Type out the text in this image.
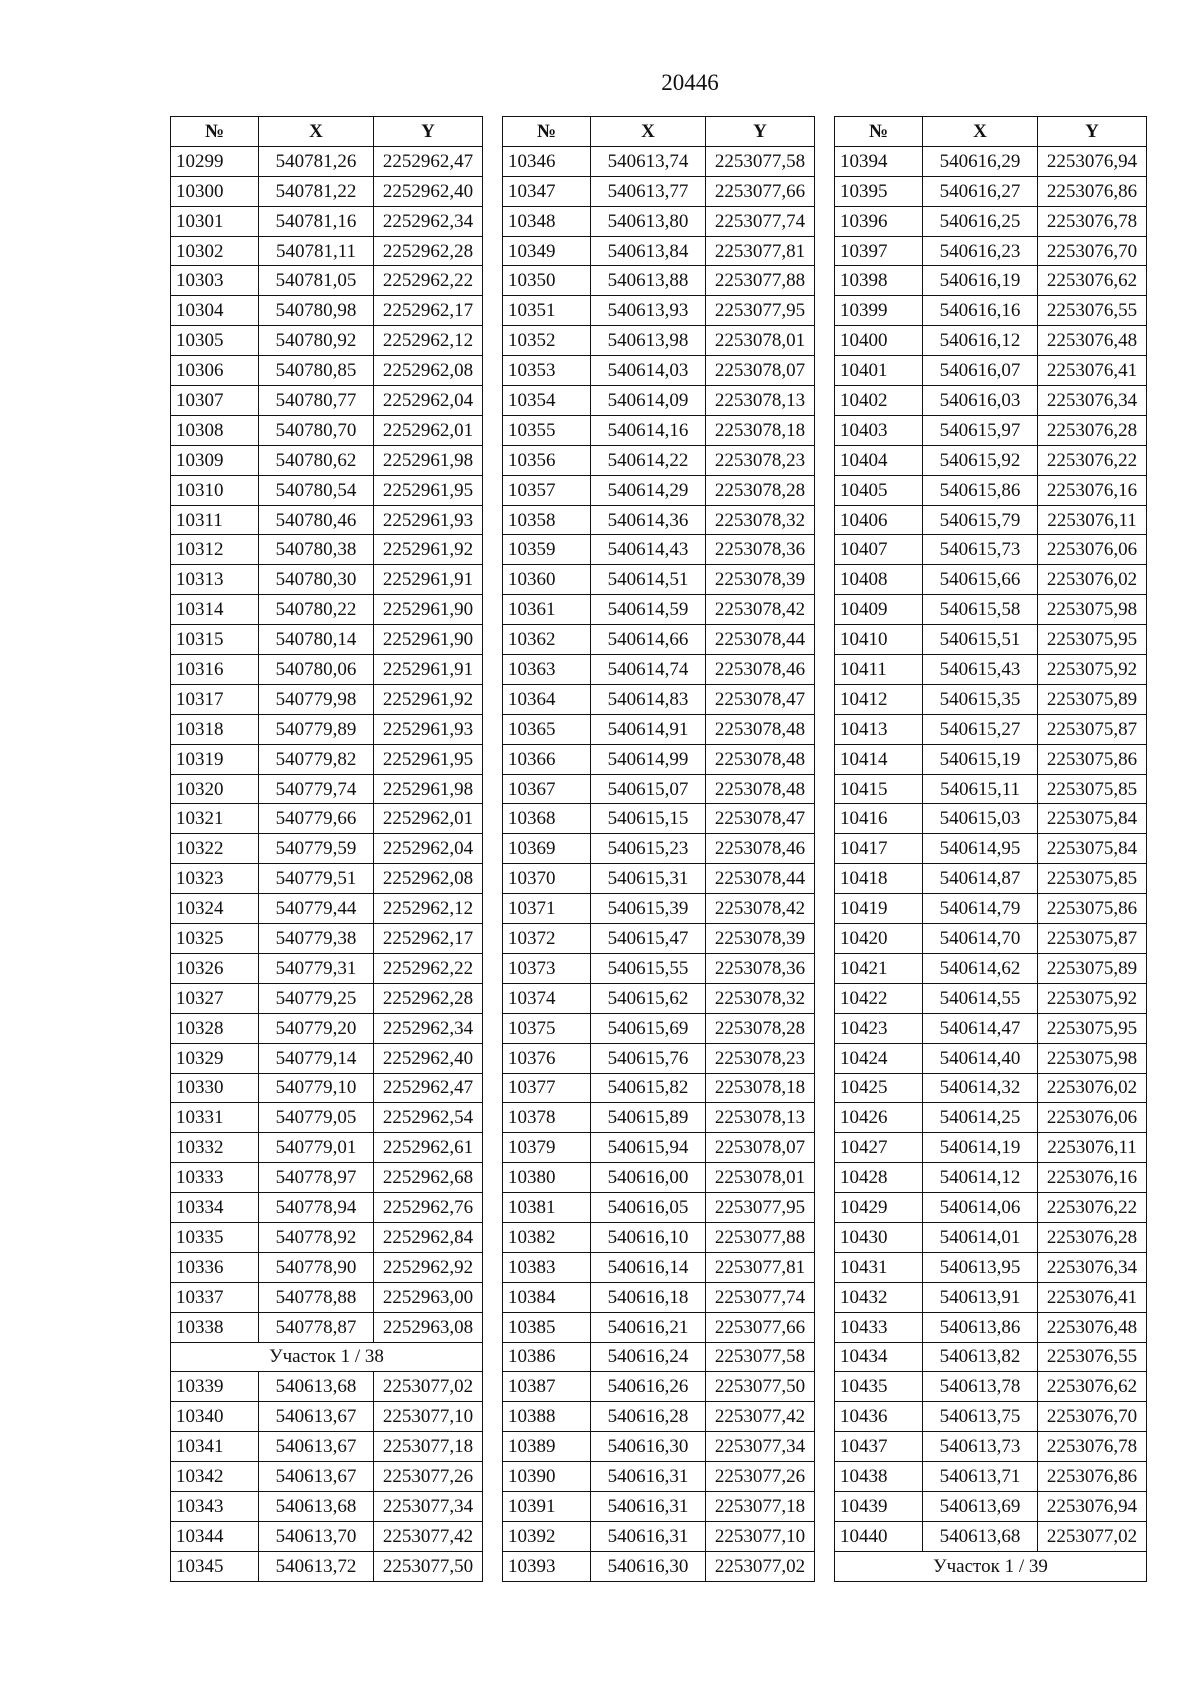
20446
№	X	Y
10299	540781,26	2252962,47
10300	540781,22	2252962,40
10301	540781,16	2252962,34
10302	540781,11	2252962,28
10303	540781,05	2252962,22
10304	540780,98	2252962,17
10305	540780,92	2252962,12
10306	540780,85	2252962,08
10307	540780,77	2252962,04
10308	540780,70	2252962,01
10309	540780,62	2252961,98
10310	540780,54	2252961,95
10311	540780,46	2252961,93
10312	540780,38	2252961,92
10313	540780,30	2252961,91
10314	540780,22	2252961,90
10315	540780,14	2252961,90
10316	540780,06	2252961,91
10317	540779,98	2252961,92
10318	540779,89	2252961,93
10319	540779,82	2252961,95
10320	540779,74	2252961,98
10321	540779,66	2252962,01
10322	540779,59	2252962,04
10323	540779,51	2252962,08
10324	540779,44	2252962,12
10325	540779,38	2252962,17
10326	540779,31	2252962,22
10327	540779,25	2252962,28
10328	540779,20	2252962,34
10329	540779,14	2252962,40
10330	540779,10	2252962,47
10331	540779,05	2252962,54
10332	540779,01	2252962,61
10333	540778,97	2252962,68
10334	540778,94	2252962,76
10335	540778,92	2252962,84
10336	540778,90	2252962,92
10337	540778,88	2252963,00
10338	540778,87	2252963,08
Участок 1 / 38		
10339	540613,68	2253077,02
10340	540613,67	2253077,10
10341	540613,67	2253077,18
10342	540613,67	2253077,26
10343	540613,68	2253077,34
10344	540613,70	2253077,42
10345	540613,72	2253077,50
№	X	Y
10346	540613,74	2253077,58
10347	540613,77	2253077,66
10348	540613,80	2253077,74
10349	540613,84	2253077,81
10350	540613,88	2253077,88
10351	540613,93	2253077,95
10352	540613,98	2253078,01
10353	540614,03	2253078,07
10354	540614,09	2253078,13
10355	540614,16	2253078,18
10356	540614,22	2253078,23
10357	540614,29	2253078,28
10358	540614,36	2253078,32
10359	540614,43	2253078,36
10360	540614,51	2253078,39
10361	540614,59	2253078,42
10362	540614,66	2253078,44
10363	540614,74	2253078,46
10364	540614,83	2253078,47
10365	540614,91	2253078,48
10366	540614,99	2253078,48
10367	540615,07	2253078,48
10368	540615,15	2253078,47
10369	540615,23	2253078,46
10370	540615,31	2253078,44
10371	540615,39	2253078,42
10372	540615,47	2253078,39
10373	540615,55	2253078,36
10374	540615,62	2253078,32
10375	540615,69	2253078,28
10376	540615,76	2253078,23
10377	540615,82	2253078,18
10378	540615,89	2253078,13
10379	540615,94	2253078,07
10380	540616,00	2253078,01
10381	540616,05	2253077,95
10382	540616,10	2253077,88
10383	540616,14	2253077,81
10384	540616,18	2253077,74
10385	540616,21	2253077,66
10386	540616,24	2253077,58
10387	540616,26	2253077,50
10388	540616,28	2253077,42
10389	540616,30	2253077,34
10390	540616,31	2253077,26
10391	540616,31	2253077,18
10392	540616,31	2253077,10
10393	540616,30	2253077,02
№	X	Y
10394	540616,29	2253076,94
10395	540616,27	2253076,86
10396	540616,25	2253076,78
10397	540616,23	2253076,70
10398	540616,19	2253076,62
10399	540616,16	2253076,55
10400	540616,12	2253076,48
10401	540616,07	2253076,41
10402	540616,03	2253076,34
10403	540615,97	2253076,28
10404	540615,92	2253076,22
10405	540615,86	2253076,16
10406	540615,79	2253076,11
10407	540615,73	2253076,06
10408	540615,66	2253076,02
10409	540615,58	2253075,98
10410	540615,51	2253075,95
10411	540615,43	2253075,92
10412	540615,35	2253075,89
10413	540615,27	2253075,87
10414	540615,19	2253075,86
10415	540615,11	2253075,85
10416	540615,03	2253075,84
10417	540614,95	2253075,84
10418	540614,87	2253075,85
10419	540614,79	2253075,86
10420	540614,70	2253075,87
10421	540614,62	2253075,89
10422	540614,55	2253075,92
10423	540614,47	2253075,95
10424	540614,40	2253075,98
10425	540614,32	2253076,02
10426	540614,25	2253076,06
10427	540614,19	2253076,11
10428	540614,12	2253076,16
10429	540614,06	2253076,22
10430	540614,01	2253076,28
10431	540613,95	2253076,34
10432	540613,91	2253076,41
10433	540613,86	2253076,48
10434	540613,82	2253076,55
10435	540613,78	2253076,62
10436	540613,75	2253076,70
10437	540613,73	2253076,78
10438	540613,71	2253076,86
10439	540613,69	2253076,94
10440	540613,68	2253077,02
Участок 1 / 39		
